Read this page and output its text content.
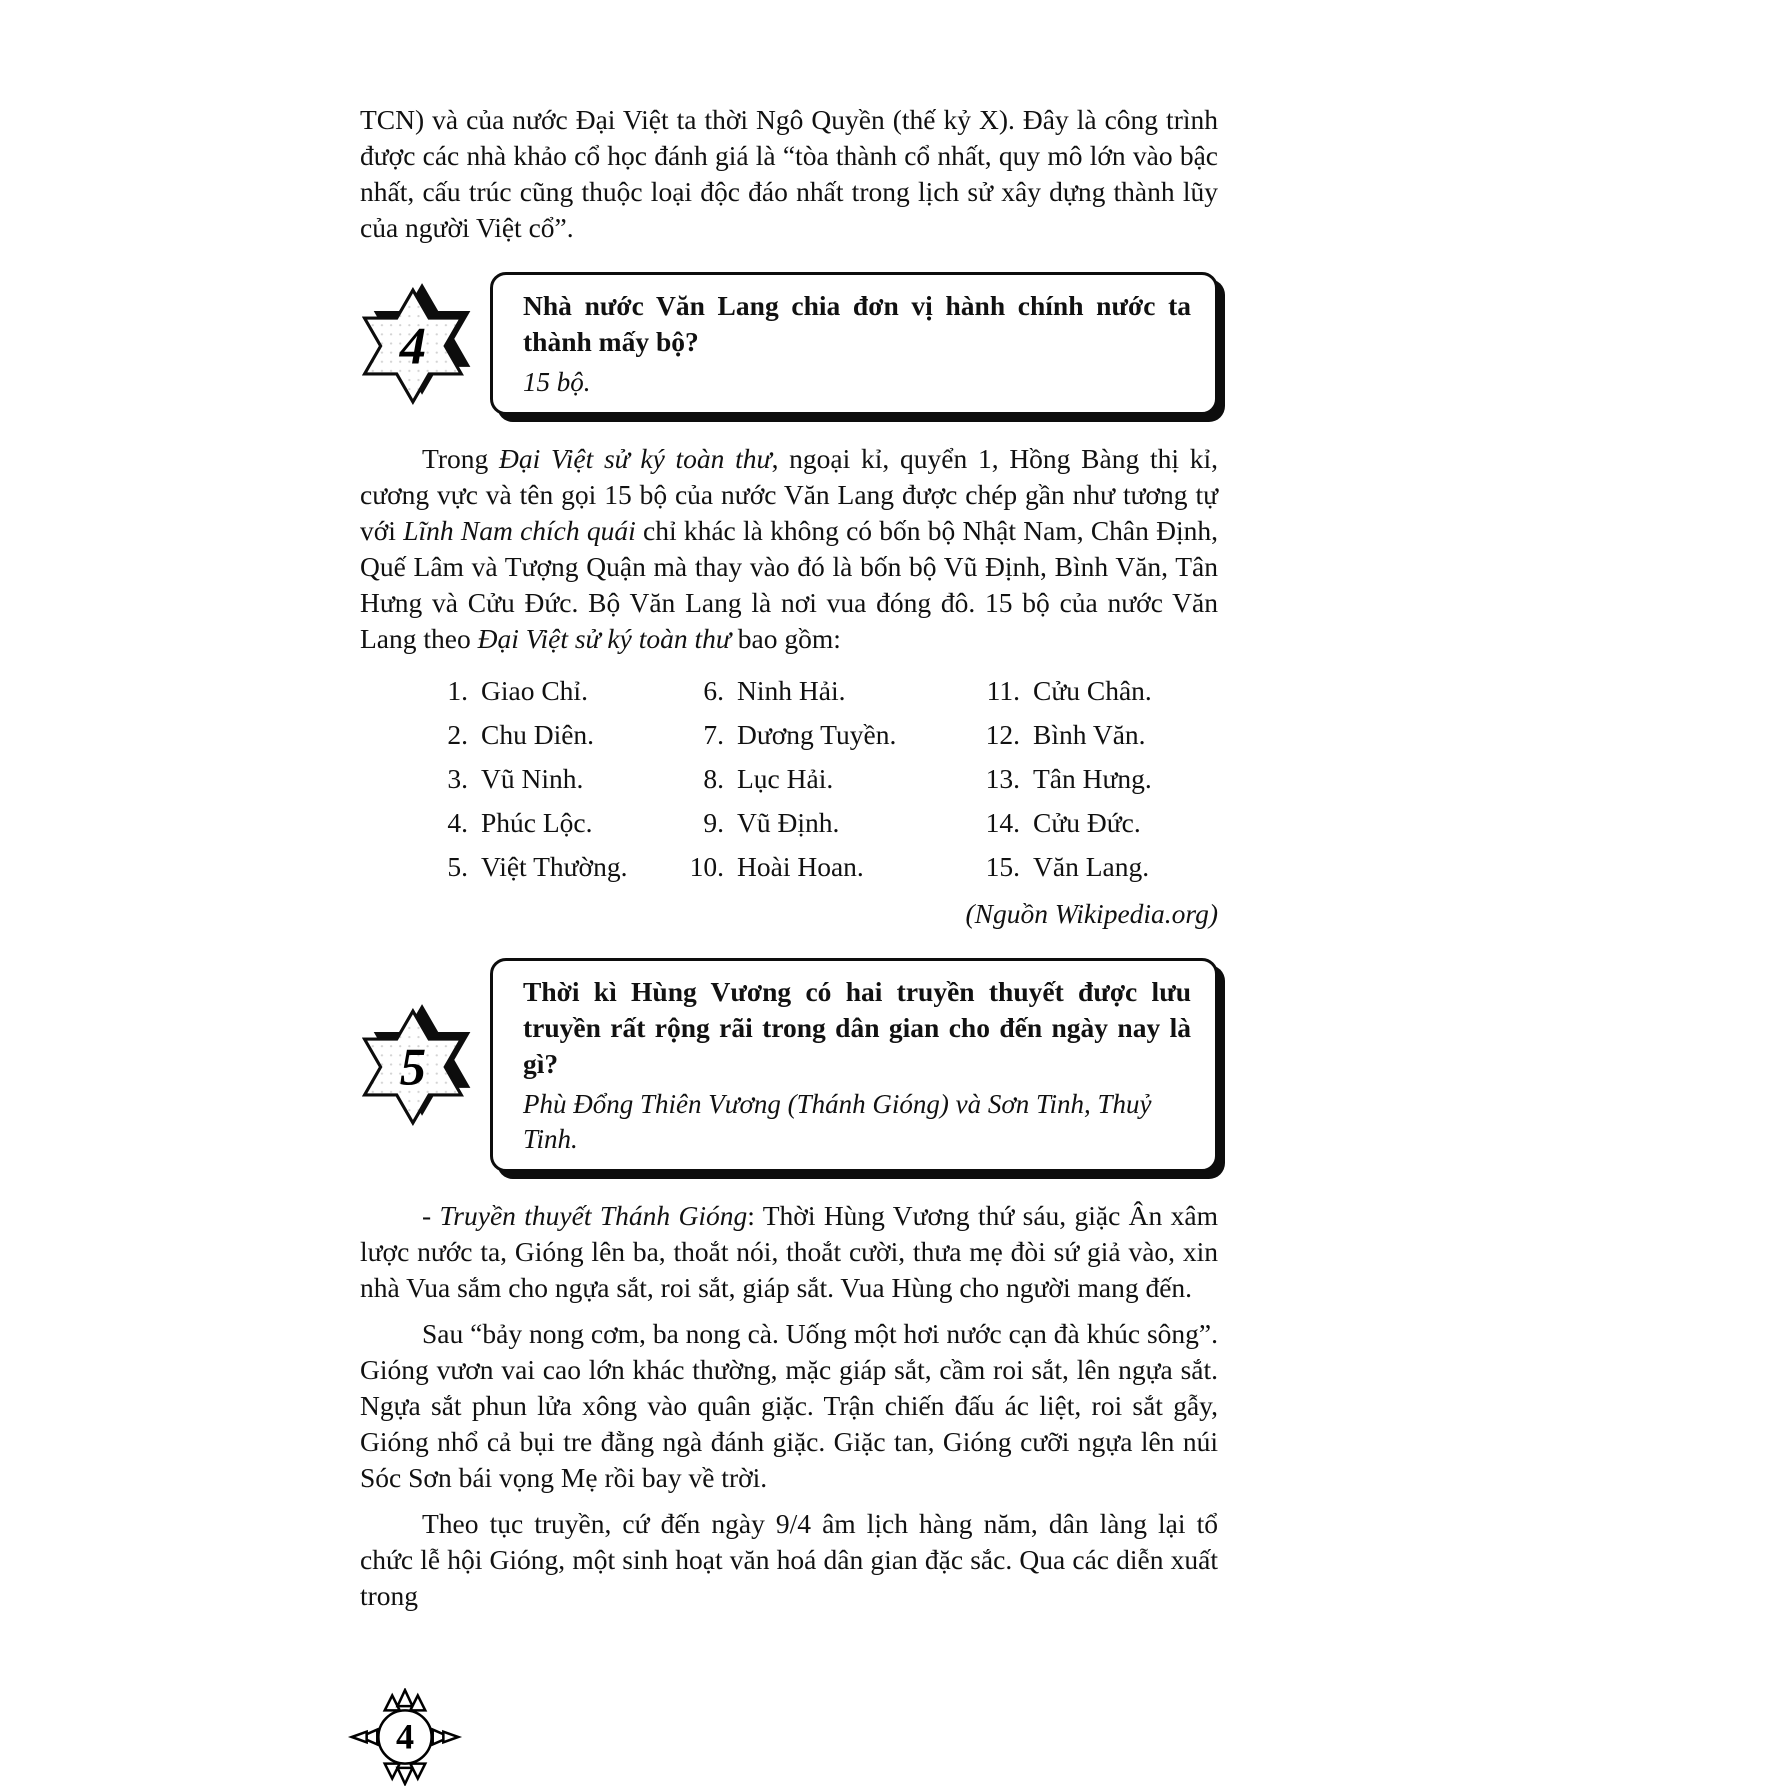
TCN) và của nước Đại Việt ta thời Ngô Quyền (thế kỷ X). Đây là công trình được các nhà khảo cổ học đánh giá là “tòa thành cổ nhất, quy mô lớn vào bậc nhất, cấu trúc cũng thuộc loại độc đáo nhất trong lịch sử xây dựng thành lũy của người Việt cổ”.

4

Nhà nước Văn Lang chia đơn vị hành chính nước ta thành mấy bộ?

15 bộ.

Trong Đại Việt sử ký toàn thư, ngoại kỉ, quyển 1, Hồng Bàng thị kỉ, cương vực và tên gọi 15 bộ của nước Văn Lang được chép gần như tương tự với Lĩnh Nam chích quái chỉ khác là không có bốn bộ Nhật Nam, Chân Định, Quế Lâm và Tượng Quận mà thay vào đó là bốn bộ Vũ Định, Bình Văn, Tân Hưng và Cửu Đức. Bộ Văn Lang là nơi vua đóng đô. 15 bộ của nước Văn Lang theo Đại Việt sử ký toàn thư bao gồm:

1. Giao Chỉ.
2. Chu Diên.
3. Vũ Ninh.
4. Phúc Lộc.
5. Việt Thường.
6. Ninh Hải.
7. Dương Tuyền.
8. Lục Hải.
9. Vũ Định.
10. Hoài Hoan.
11. Cửu Chân.
12. Bình Văn.
13. Tân Hưng.
14. Cửu Đức.
15. Văn Lang.

(Nguồn Wikipedia.org)

5

Thời kì Hùng Vương có hai truyền thuyết được lưu truyền rất rộng rãi trong dân gian cho đến ngày nay là gì?

Phù Đổng Thiên Vương (Thánh Gióng) và Sơn Tinh, Thuỷ Tinh.

- Truyền thuyết Thánh Gióng: Thời Hùng Vương thứ sáu, giặc Ân xâm lược nước ta, Gióng lên ba, thoắt nói, thoắt cười, thưa mẹ đòi sứ giả vào, xin nhà Vua sắm cho ngựa sắt, roi sắt, giáp sắt. Vua Hùng cho người mang đến.

Sau “bảy nong cơm, ba nong cà. Uống một hơi nước cạn đà khúc sông”. Gióng vươn vai cao lớn khác thường, mặc giáp sắt, cầm roi sắt, lên ngựa sắt. Ngựa sắt phun lửa xông vào quân giặc. Trận chiến đấu ác liệt, roi sắt gẫy, Gióng nhổ cả bụi tre đằng ngà đánh giặc. Giặc tan, Gióng cưỡi ngựa lên núi Sóc Sơn bái vọng Mẹ rồi bay về trời.

Theo tục truyền, cứ đến ngày 9/4 âm lịch hàng năm, dân làng lại tổ chức lễ hội Gióng, một sinh hoạt văn hoá dân gian đặc sắc. Qua các diễn xuất trong

4
